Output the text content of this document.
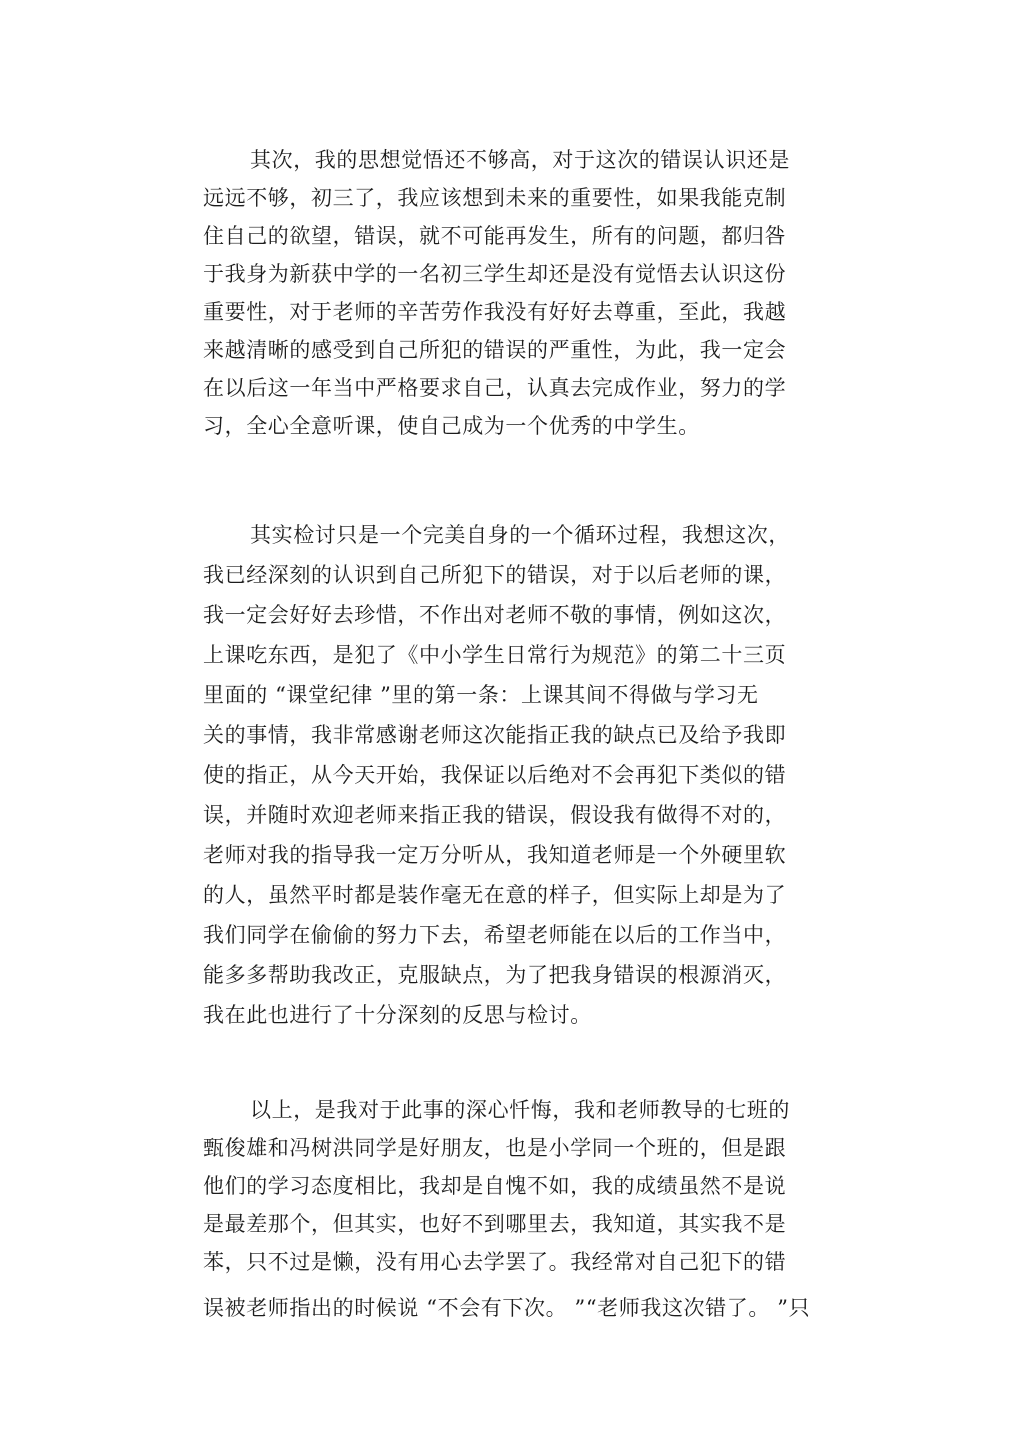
其次，我的思想觉悟还不够高，对于这次的错误认识还是

远远不够，初三了，我应该想到未来的重要性，如果我能克制

住自己的欲望，错误，就不可能再发生，所有的问题，都归咎

于我身为新获中学的一名初三学生却还是没有觉悟去认识这份

重要性，对于老师的辛苦劳作我没有好好去尊重，至此，我越

来越清晰的感受到自己所犯的错误的严重性，为此，我一定会

在以后这一年当中严格要求自己，认真去完成作业，努力的学

习，全心全意听课，使自己成为一个优秀的中学生。

其实检讨只是一个完美自身的一个循环过程，我想这次，

我已经深刻的认识到自己所犯下的错误，对于以后老师的课，

我一定会好好去珍惜，不作出对老师不敬的事情，例如这次，

上课吃东西，是犯了《中小学生日常行为规范》的第二十三页

里面的 “课堂纪律 ”里的第一条：上课其间不得做与学习无

关的事情，我非常感谢老师这次能指正我的缺点已及给予我即

使的指正，从今天开始，我保证以后绝对不会再犯下类似的错

误，并随时欢迎老师来指正我的错误，假设我有做得不对的，

老师对我的指导我一定万分听从，我知道老师是一个外硬里软

的人，虽然平时都是装作毫无在意的样子，但实际上却是为了

我们同学在偷偷的努力下去，希望老师能在以后的工作当中，

能多多帮助我改正，克服缺点，为了把我身错误的根源消灭，

我在此也进行了十分深刻的反思与检讨。

以上，是我对于此事的深心忏悔，我和老师教导的七班的

甄俊雄和冯树洪同学是好朋友，也是小学同一个班的，但是跟

他们的学习态度相比，我却是自愧不如，我的成绩虽然不是说

是最差那个，但其实，也好不到哪里去，我知道，其实我不是

苯，只不过是懒，没有用心去学罢了。我经常对自己犯下的错

误被老师指出的时候说 “不会有下次。 ”“老师我这次错了。 ”只
